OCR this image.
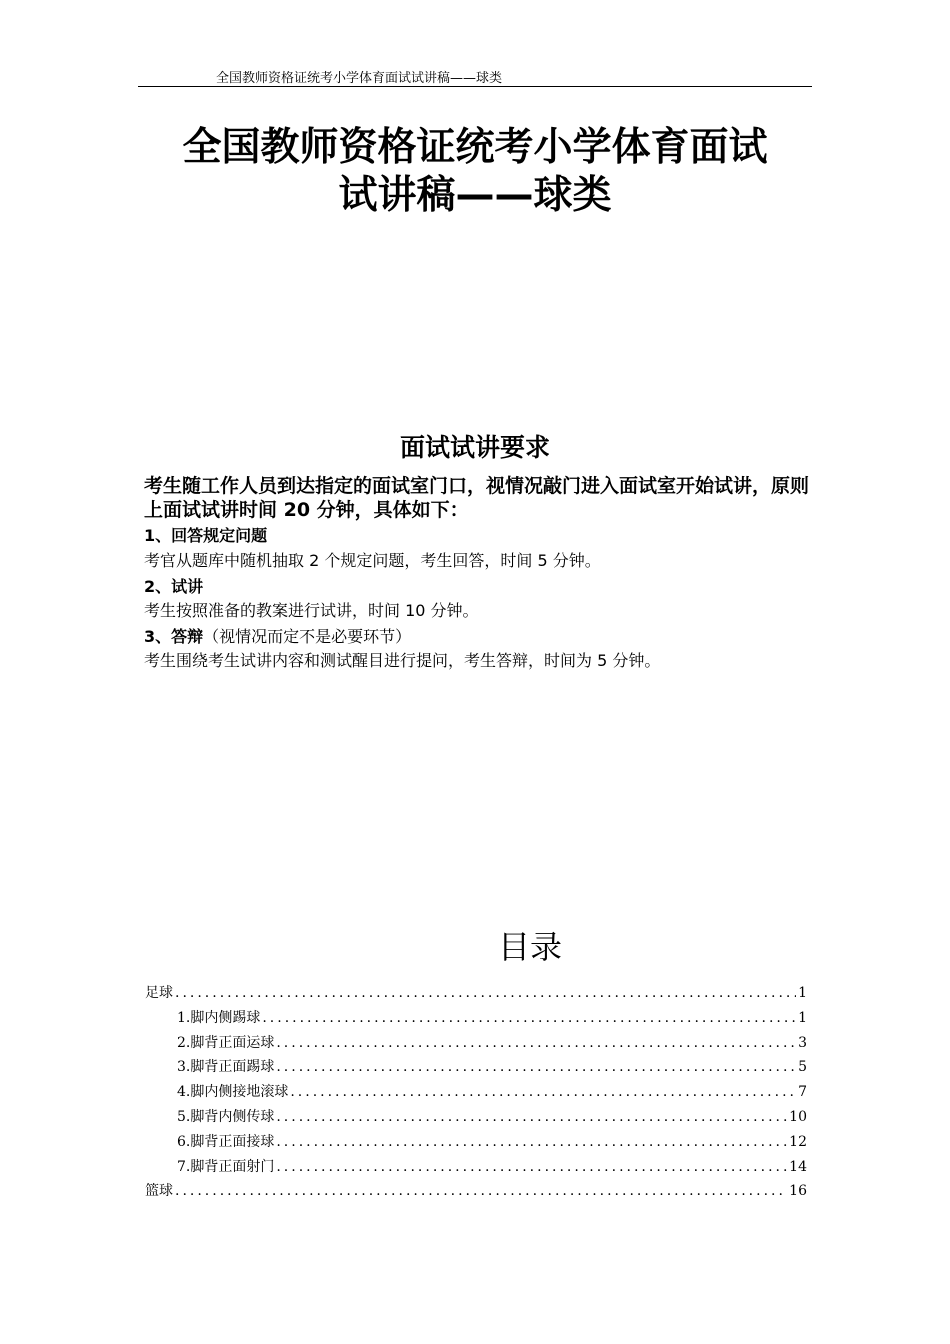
全国教师资格证统考小学体育面试试讲稿——球类
全国教师资格证统考小学体育面试
试讲稿——球类
面试试讲要求
考生随工作人员到达指定的面试室门口，视情况敲门进入面试室开始试讲，原则上面试试讲时间 20 分钟，具体如下：
1、回答规定问题
考官从题库中随机抽取 2 个规定问题，考生回答，时间 5 分钟。
2、试讲
考生按照准备的教案进行试讲，时间 10 分钟。
3、答辩（视情况而定不是必要环节）
考生围绕考生试讲内容和测试醒目进行提问，考生答辩，时间为 5 分钟。
目录
足球 .....	1
1.脚内侧踢球 .....	1
2.脚背正面运球 .....	3
3.脚背正面踢球 .....	5
4.脚内侧接地滚球 .....	7
5.脚背内侧传球 .....	10
6.脚背正面接球 .....	12
7.脚背正面射门 .....	14
篮球 .....	16
